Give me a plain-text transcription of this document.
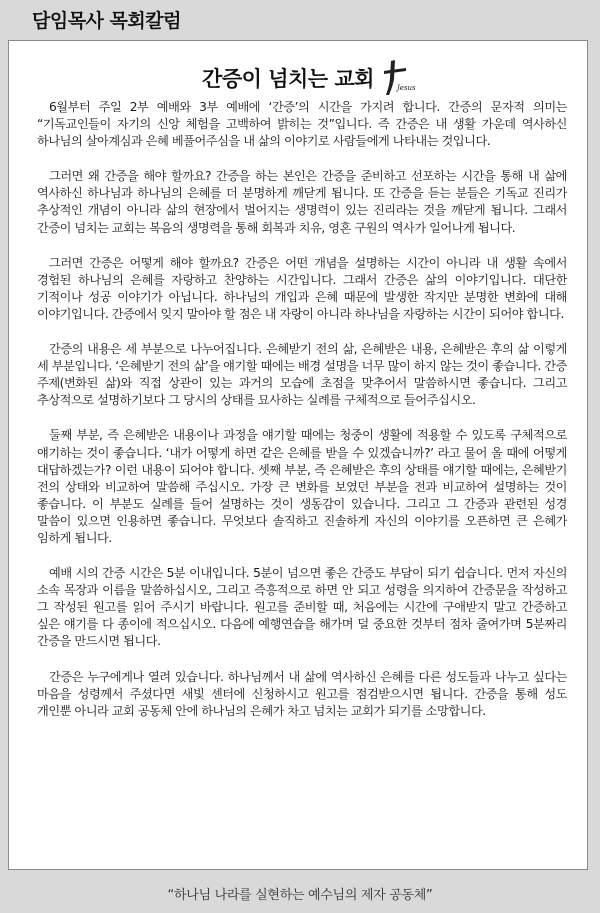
담임목사 목회칼럼
간증이 넘치는 교회	Jesus

6월부터 주일 2부 예배와 3부 예배에 ‘간증’의 시간을 가지려 합니다. 간증의 문자적 의미는 “기독교인들이 자기의 신앙 체험을 고백하여 밝히는 것”입니다. 즉 간증은 내 생활 가운데 역사하신 하나님의 살아계심과 은혜 베풀어주심을 내 삶의 이야기로 사람들에게 나타내는 것입니다.

그러면 왜 간증을 해야 할까요? 간증을 하는 본인은 간증을 준비하고 선포하는 시간을 통해 내 삶에 역사하신 하나님과 하나님의 은혜를 더 분명하게 깨닫게 됩니다. 또 간증을 듣는 분들은 기독교 진리가 추상적인 개념이 아니라 삶의 현장에서 벌어지는 생명력이 있는 진리라는 것을 깨닫게 됩니다. 그래서 간증이 넘치는 교회는 복음의 생명력을 통해 회복과 치유, 영혼 구원의 역사가 일어나게 됩니다.

그러면 간증은 어떻게 해야 할까요? 간증은 어떤 개념을 설명하는 시간이 아니라 내 생활 속에서 경험된 하나님의 은혜를 자랑하고 찬양하는 시간입니다. 그래서 간증은 삶의 이야기입니다. 대단한 기적이나 성공 이야기가 아닙니다. 하나님의 개입과 은혜 때문에 발생한 작지만 분명한 변화에 대해 이야기입니다. 간증에서 잊지 말아야 할 점은 내 자랑이 아니라 하나님을 자랑하는 시간이 되어야 합니다.

간증의 내용은 세 부분으로 나누어집니다. 은혜받기 전의 삶, 은혜받은 내용, 은혜받은 후의 삶 이렇게 세 부분입니다. ‘은혜받기 전의 삶’을 얘기할 때에는 배경 설명을 너무 많이 하지 않는 것이 좋습니다. 간증 주제(변화된 삶)와 직접 상관이 있는 과거의 모습에 초점을 맞추어서 말씀하시면 좋습니다. 그리고 추상적으로 설명하기보다 그 당시의 상태를 묘사하는 실례를 구체적으로 들어주십시오.

둘째 부분, 즉 은혜받은 내용이나 과정을 얘기할 때에는 청중이 생활에 적용할 수 있도록 구체적으로 얘기하는 것이 좋습니다. ‘내가 어떻게 하면 같은 은혜를 받을 수 있겠습니까?’ 라고 물어 올 때에 어떻게 대답하겠는가? 이런 내용이 되어야 합니다. 셋째 부분, 즉 은혜받은 후의 상태를 얘기할 때에는, 은혜받기 전의 상태와 비교하여 말씀해 주십시오. 가장 큰 변화를 보였던 부분을 전과 비교하여 설명하는 것이 좋습니다. 이 부분도 실례를 들어 설명하는 것이 생동감이 있습니다. 그리고 그 간증과 관련된 성경 말씀이 있으면 인용하면 좋습니다. 무엇보다 솔직하고 진솔하게 자신의 이야기를 오픈하면 큰 은혜가 임하게 됩니다.

예배 시의 간증 시간은 5분 이내입니다. 5분이 넘으면 좋은 간증도 부담이 되기 쉽습니다. 먼저 자신의 소속 목장과 이름을 말씀하십시오, 그리고 즉흥적으로 하면 안 되고 성령을 의지하여 간증문을 작성하고 그 작성된 원고를 읽어 주시기 바랍니다. 원고를 준비할 때, 처음에는 시간에 구애받지 말고 간증하고 싶은 얘기를 다 종이에 적으십시오. 다음에 예행연습을 해가며 덜 중요한 것부터 점차 줄여가며 5분짜리 간증을 만드시면 됩니다.

간증은 누구에게나 열려 있습니다. 하나님께서 내 삶에 역사하신 은혜를 다른 성도들과 나누고 싶다는 마음을 성령께서 주셨다면 새빛 센터에 신청하시고 원고를 점검받으시면 됩니다. 간증을 통해 성도 개인뿐 아니라 교회 공동체 안에 하나님의 은혜가 차고 넘치는 교회가 되기를 소망합니다.

“하나님 나라를 실현하는 예수님의 제자 공동체”
